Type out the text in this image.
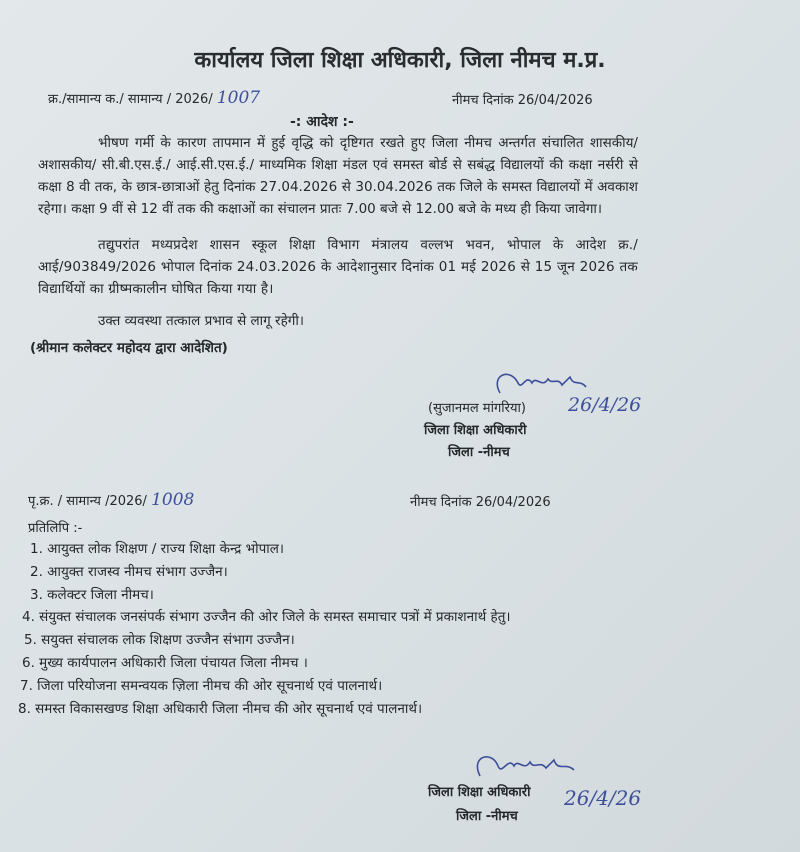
कार्यालय जिला शिक्षा अधिकारी, जिला नीमच म.प्र.
क्र./सामान्य क./ सामान्य / 2026/ 1007	नीमच दिनांक 26/04/2026
-: आदेश :-

भीषण गर्मी के कारण तापमान में हुई वृद्धि को दृष्टिगत रखते हुए जिला नीमच अन्तर्गत संचालित शासकीय/ अशासकीय/ सी.बी.एस.ई./ आई.सी.एस.ई./ माध्यमिक शिक्षा मंडल एवं समस्त बोर्ड से सबंद्ध विद्यालयों की कक्षा नर्सरी से कक्षा 8 वी तक, के छात्र-छात्राओं हेतु दिनांक 27.04.2026 से 30.04.2026 तक जिले के समस्त विद्यालयों में अवकाश रहेगा। कक्षा 9 वीं से 12 वीं तक की कक्षाओं का संचालन प्रातः 7.00 बजे से 12.00 बजे के मध्य ही किया जावेगा।

तद्युपरांत मध्यप्रदेश शासन स्कूल शिक्षा विभाग मंत्रालय वल्लभ भवन, भोपाल के आदेश क्र./आई/903849/2026 भोपाल दिनांक 24.03.2026 के आदेशानुसार दिनांक 01 मई 2026 से 15 जून 2026 तक विद्यार्थियों का ग्रीष्मकालीन घोषित किया गया है।

उक्त व्यवस्था तत्काल प्रभाव से लागू रहेगी।

(श्रीमान कलेक्टर महोदय द्वारा आदेशित)
(सुजानमल मांगरिया) 26/4/26
जिला शिक्षा अधिकारी
जिला -नीमच
पृ.क्र. / सामान्य /2026/ 1008	नीमच दिनांक 26/04/2026
प्रतिलिपि :-
1. आयुक्त लोक शिक्षण / राज्य शिक्षा केन्द्र भोपाल।
2. आयुक्त राजस्व नीमच संभाग उज्जैन।
3. कलेक्टर जिला नीमच।
4. संयुक्त संचालक जनसंपर्क संभाग उज्जैन की ओर जिले के समस्त समाचार पत्रों में प्रकाशनार्थ हेतु।
5. सयुक्त संचालक लोक शिक्षण उज्जैन संभाग उज्जैन।
6. मुख्य कार्यपालन अधिकारी जिला पंचायत जिला नीमच ।
7. जिला परियोजना समन्वयक ज़िला नीमच की ओर सूचनार्थ एवं पालनार्थ।
8. समस्त विकासखण्ड शिक्षा अधिकारी जिला नीमच की ओर सूचनार्थ एवं पालनार्थ।
जिला शिक्षा अधिकारी 26/4/26
जिला -नीमच
